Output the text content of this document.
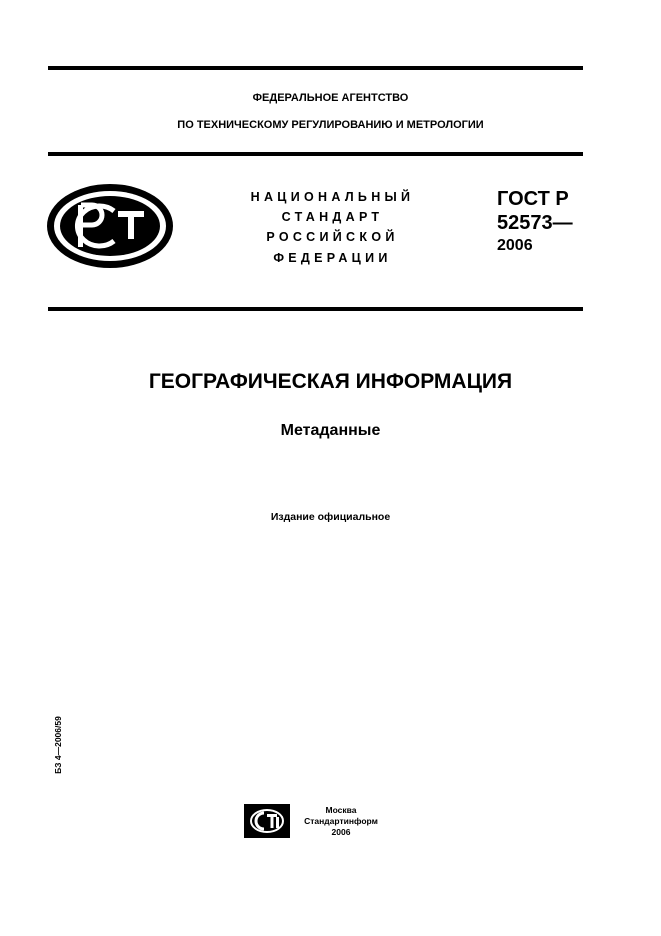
ФЕДЕРАЛЬНОЕ АГЕНТСТВО
ПО ТЕХНИЧЕСКОМУ РЕГУЛИРОВАНИЮ И МЕТРОЛОГИИ
НАЦИОНАЛЬНЫЙ
СТАНДАРТ
РОССИЙСКОЙ
ФЕДЕРАЦИИ
ГОСТ Р
52573—
2006
ГЕОГРАФИЧЕСКАЯ ИНФОРМАЦИЯ
Метаданные
Издание официальное
БЗ 4—2006/59
Москва
Стандартинформ
2006
